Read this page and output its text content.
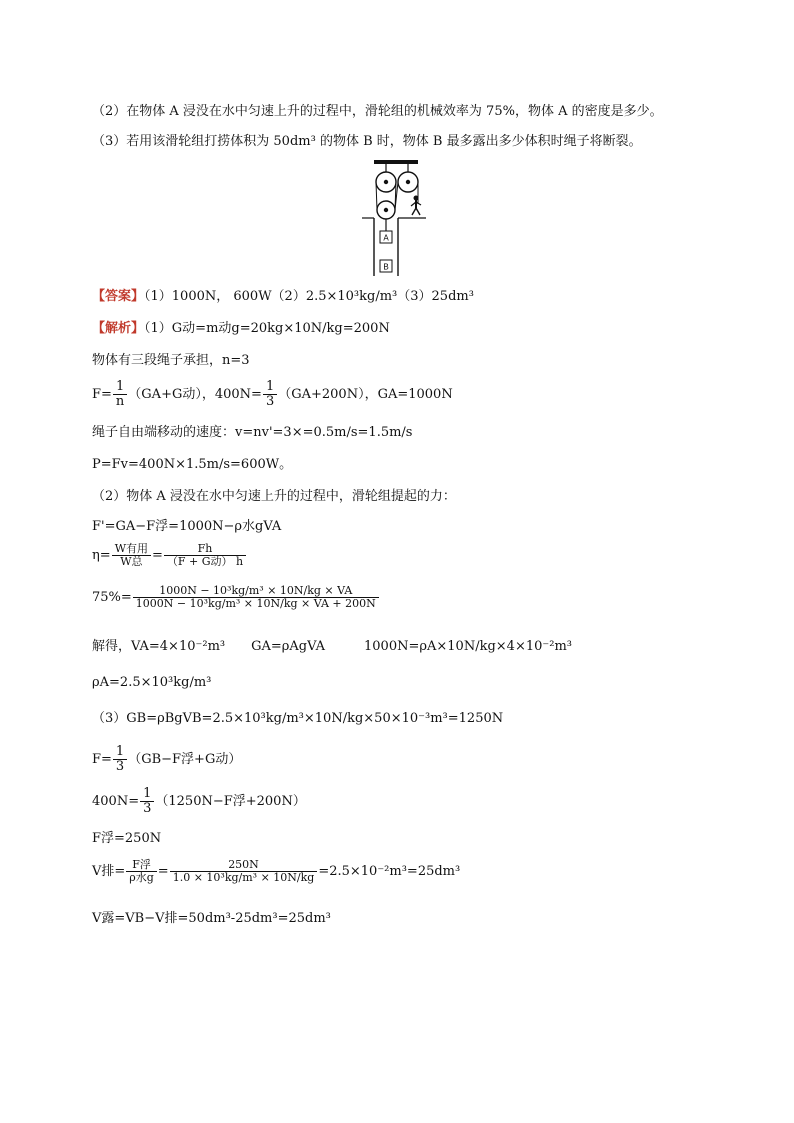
（2）在物体 A 浸没在水中匀速上升的过程中，滑轮组的机械效率为 75%，物体 A 的密度是多少。
（3）若用该滑轮组打捞体积为 50dm³ 的物体 B 时，物体 B 最多露出多少体积时绳子将断裂。
A
B
【答案】（1）1000N， 600W（2）2.5×10³kg/m³（3）25dm³
【解析】（1）G动=m动g=20kg×10N/kg=200N
物体有三段绳子承担，n=3
$F= \frac{1}{n} (GA+G$动），$400N= \frac{1}{3} (GA+200N)$，GA=1000N
绳子自由端移动的速度：v=nv'=3×=0.5m/s=1.5m/s
P=Fv=400N×1.5m/s=600W。
（2）物体 A 浸没在水中匀速上升的过程中，滑轮组提起的力：
F'=GA−F浮=1000N−ρ水gVA
$\eta= \frac{\text{W有用}}{\text{W总}} = \frac{Fh}{\text{（F + G动） h}}$
$75\%= \frac{\text{1000N − 10³kg/m³ × 10N/kg × VA}}{\text{1000N − 10³kg/m³ × 10N/kg × VA + 200N}}$
解得，VA=4×10⁻²m³　　GA=ρAgVA　　　1000N=ρA×10N/kg×4×10⁻²m³
ρA=2.5×10³kg/m³
（3）GB=ρBgVB=2.5×10³kg/m³×10N/kg×50×10⁻³m³=1250N
$F= \frac{1}{3} (GB-F$浮+G动）
$400N= \frac{1}{3} (1250N-F$浮+200N）
F浮=250N
V排= $\frac{\text{F浮}}{\text{ρ水g}} = \frac{250N}{\text{1.0 × 10³kg/m³ × 10N/kg}} =2.5\times 10^{-2}m^3=25dm^3$
V露=VB−V排=50dm³-25dm³=25dm³
